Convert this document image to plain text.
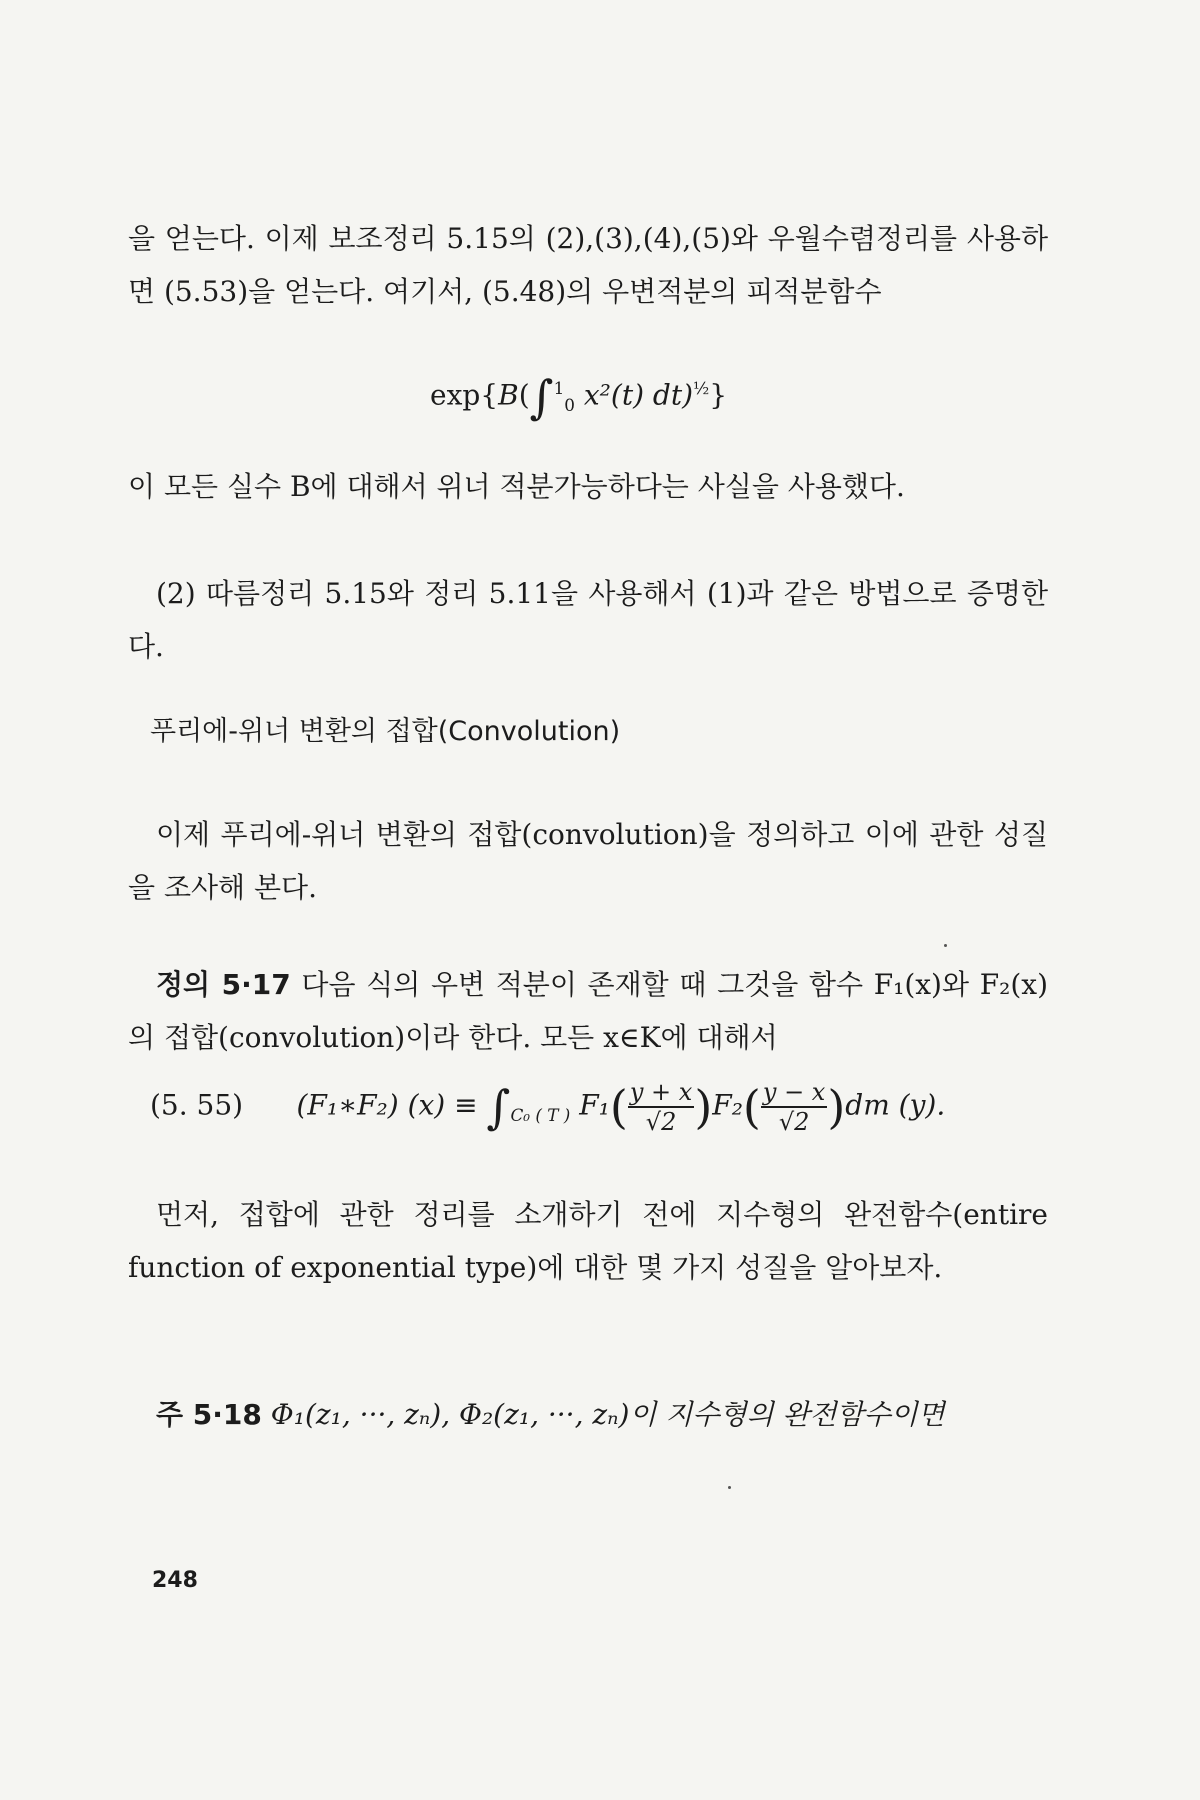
을 얻는다. 이제 보조정리 5.15의 (2),(3),(4),(5)와 우월수렴정리를 사용하면 (5.53)을 얻는다. 여기서, (5.48)의 우변적분의 피적분함수

exp{B(∫$^1_0$ x²(t) dt)$^{\frac{1}{2}}$}

이 모든 실수 B에 대해서 위너 적분가능하다는 사실을 사용했다.

(2) 따름정리 5.15와 정리 5.11을 사용해서 (1)과 같은 방법으로 증명한다.

푸리에-위너 변환의 접합(Convolution)

이제 푸리에-위너 변환의 접합(convolution)을 정의하고 이에 관한 성질을 조사해 본다.

정의 5·17 다음 식의 우변 적분이 존재할 때 그것을 함수 F₁(x)와 F₂(x)의 접합(convolution)이라 한다. 모든 x∈K에 대해서

(5. 55) (F₁∗F₂) $(x) \equiv \int_{C_0 ( T )}$ $F_1( \frac{y + x}{√2} )F_2( \frac{y - x}{√2} )dm$ (y).

먼저, 접합에 관한 정리를 소개하기 전에 지수형의 완전함수(entire function of exponential type)에 대한 몇 가지 성질을 알아보자.

주 5·18 Φ₁(z₁, ···, zₙ), Φ₂(z₁, ···, zₙ)이 지수형의 완전함수이면

248
